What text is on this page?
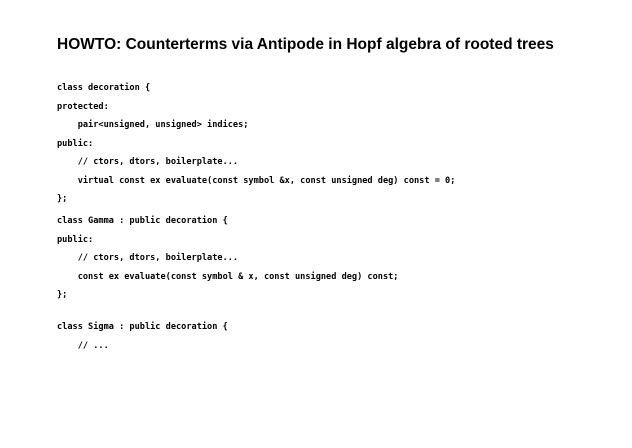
HOWTO: Counterterms via Antipode in Hopf algebra of rooted trees
class decoration {
protected:
pair<unsigned, unsigned> indices;
public:
// ctors, dtors, boilerplate...
virtual const ex evaluate(const symbol &x, const unsigned deg) const = 0;
};
class Gamma : public decoration {
public:
// ctors, dtors, boilerplate...
const ex evaluate(const symbol & x, const unsigned deg) const;
};
class Sigma : public decoration {
// ...
